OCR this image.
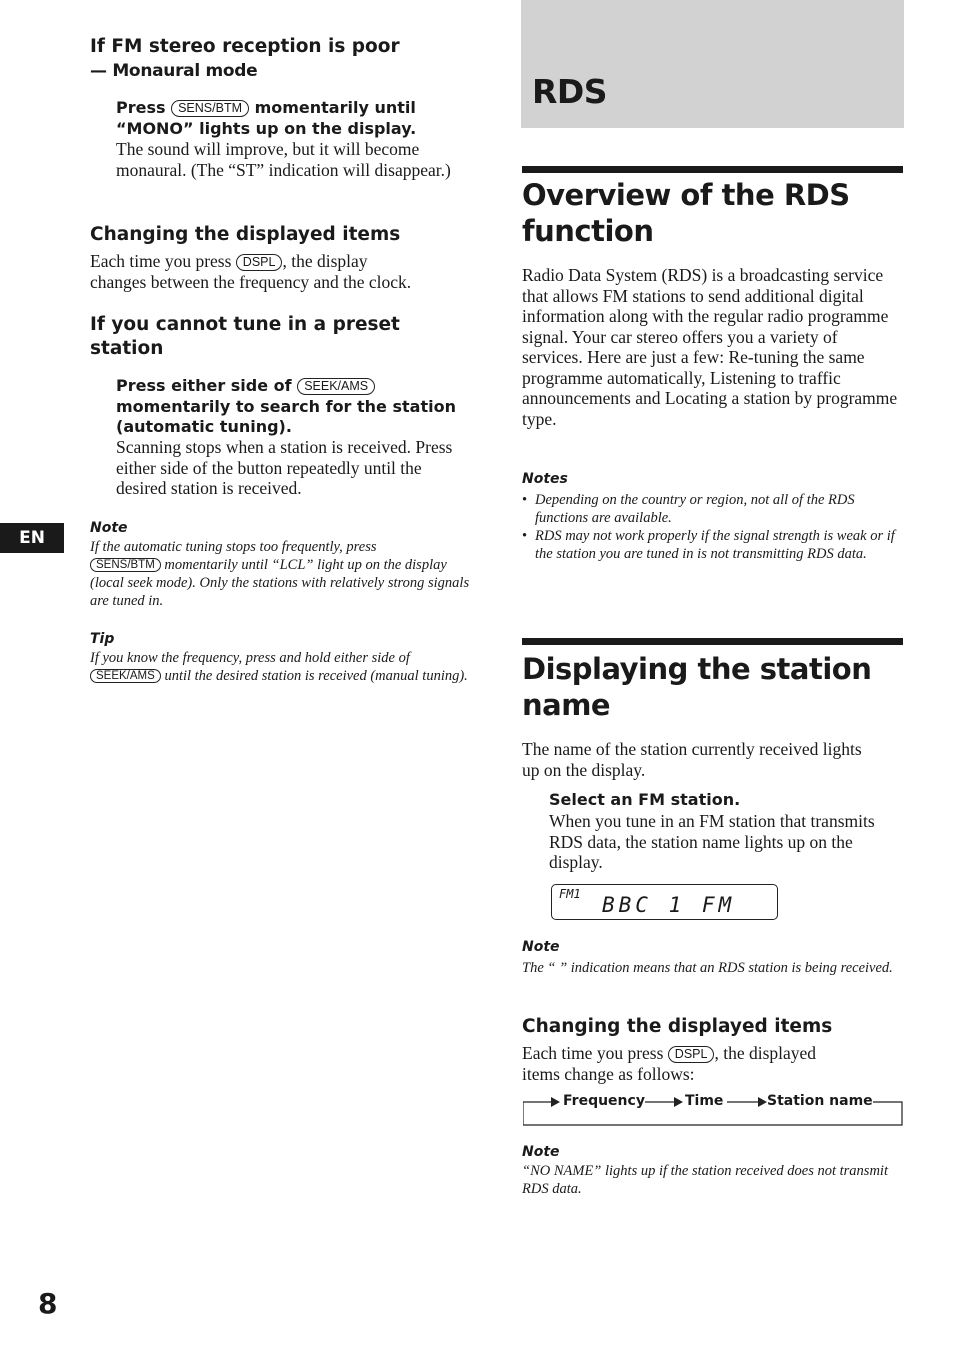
If FM stereo reception is poor
— Monaural mode
Press SENS/BTM momentarily until
“MONO” lights up on the display.
The sound will improve, but it will become monaural. (The “ST” indication will disappear.)
Changing the displayed items
Each time you press DSPL , the display
changes between the frequency and the clock.
If you cannot tune in a preset station
Press either side of SEEK/AMS momentarily to search for the station (automatic tuning).
Scanning stops when a station is received. Press either side of the button repeatedly until the desired station is received.
EN	Note
If the automatic tuning stops too frequently, press
SENS/BTM momentarily until “LCL” light up on the display (local seek mode). Only the stations with relatively strong signals are tuned in.
Tip
If you know the frequency, press and hold either side of
SEEK/AMS until the desired station is received (manual tuning).
8
RDS
Overview of the RDS function
Radio Data System (RDS) is a broadcasting service that allows FM stations to send additional digital information along with the regular radio programme signal. Your car stereo offers you a variety of services. Here are just a few: Re-tuning the same programme automatically, Listening to traffic announcements and Locating a station by programme type.
Notes
• Depending on the country or region, not all of the RDS functions are available.
• RDS may not work properly if the signal strength is weak or if the station you are tuned in is not transmitting RDS data.
Displaying the station name
The name of the station currently received lights up on the display.
Select an FM station.
When you tune in an FM station that transmits RDS data, the station name lights up on the display.
FM1 BBC 1 FM
Note
The “ ” indication means that an RDS station is being received.
Changing the displayed items
Each time you press DSPL , the displayed
items change as follows:
Frequency	Time	Station name
Note
“NO NAME” lights up if the station received does not transmit RDS data.
